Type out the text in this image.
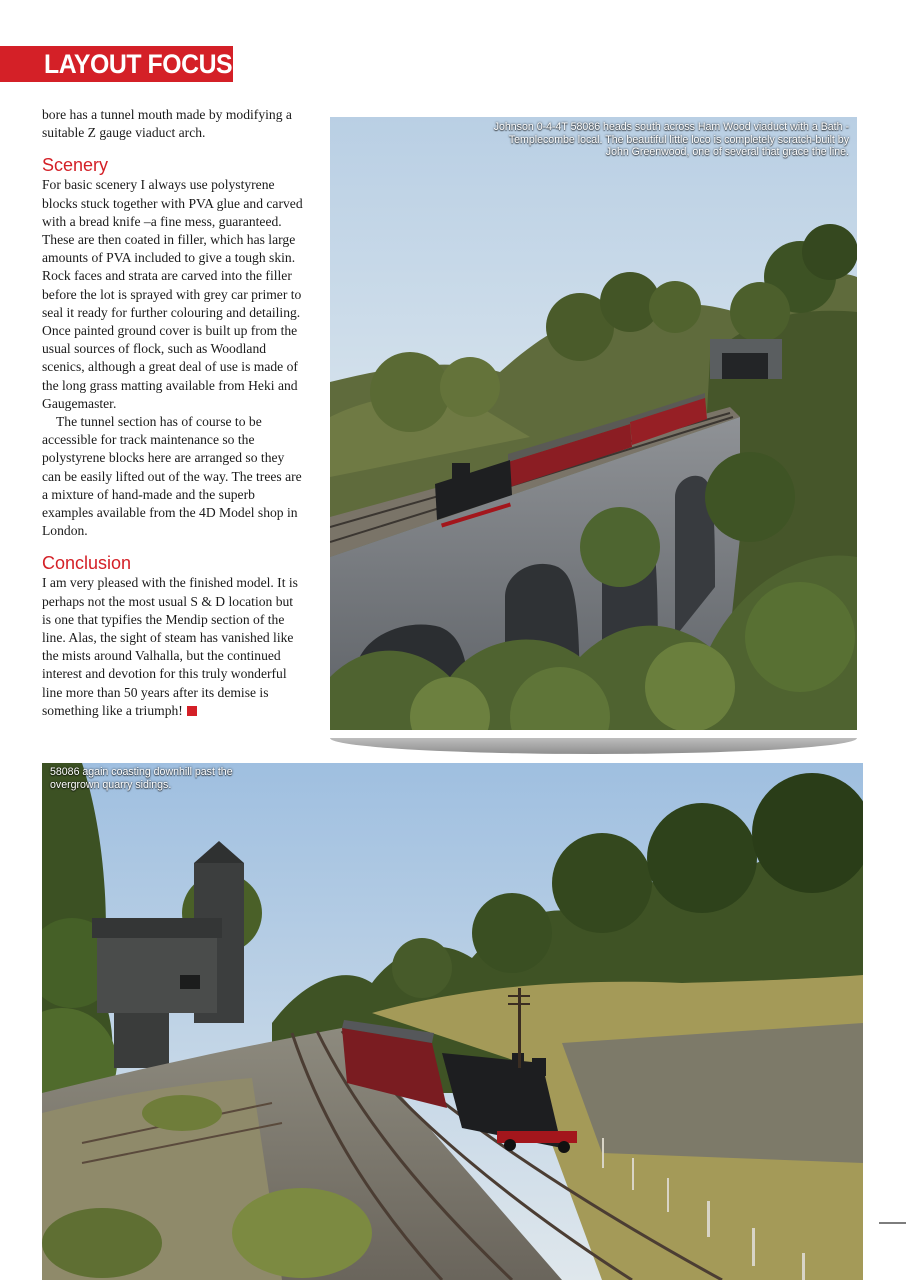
LAYOUT FOCUS

bore has a tunnel mouth made by modifying a suitable Z gauge viaduct arch.

Scenery

For basic scenery I always use polystyrene blocks stuck together with PVA glue and carved with a bread knife –a fine mess, guaranteed. These are then coated in filler, which has large amounts of PVA included to give a tough skin. Rock faces and strata are carved into the filler before the lot is sprayed with grey car primer to seal it ready for further colouring and detailing. Once painted ground cover is built up from the usual sources of flock, such as Woodland scenics, although a great deal of use is made of the long grass matting available from Heki and Gaugemaster.

The tunnel section has of course to be accessible for track maintenance so the polystyrene blocks here are arranged so they can be easily lifted out of the way. The trees are a mixture of hand-made and the superb examples available from the 4D Model shop in London.

Conclusion

I am very pleased with the finished model. It is perhaps not the most usual S & D location but is one that typifies the Mendip section of the line. Alas, the sight of steam has vanished like the mists around Valhalla, but the continued interest and devotion for this truly wonderful line more than 50 years after its demise is something like a triumph!

Johnson 0-4-4T 58086 heads south across Ham Wood viaduct with a Bath -Templecombe local. The beautiful little loco is completely scratch-built by John Greenwood, one of several that grace the line.
58086 again coasting downhill past the overgrown quarry sidings.
